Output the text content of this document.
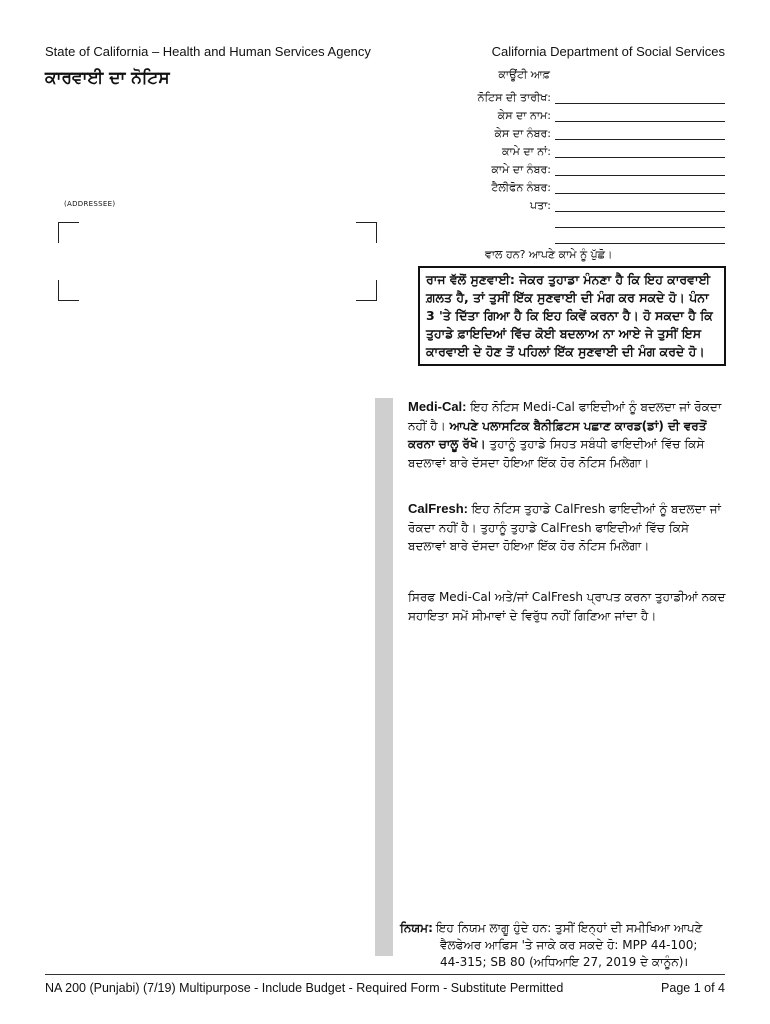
State of California – Health and Human Services Agency	California Department of Social Services
ਕਾਰਵਾਈ ਦਾ ਨੋਟਿਸ	ਕਾਊਂਟੀ ਆਫ਼
ਨੋਟਿਸ ਦੀ ਤਾਰੀਖ:
ਕੇਸ ਦਾ ਨਾਮ:
ਕੇਸ ਦਾ ਨੰਬਰ:
ਕਾਮੇ ਦਾ ਨਾਂ:
ਕਾਮੇ ਦਾ ਨੰਬਰ:
ਟੈਲੀਫੋਨ ਨੰਬਰ:
ਪਤਾ:
(ADDRESSEE)
ਵਾਲ ਹਨ? ਆਪਣੇ ਕਾਮੇ ਨੂੰ ਪੁੱਛੋ।
ਰਾਜ ਵੱਲੋਂ ਸੁਣਵਾਈ: ਜੇਕਰ ਤੁਹਾਡਾ ਮੰਨਣਾ ਹੈ ਕਿ ਇਹ ਕਾਰਵਾਈ ਗ਼ਲਤ ਹੈ, ਤਾਂ ਤੁਸੀਂ ਇੱਕ ਸੁਣਵਾਈ ਦੀ ਮੰਗ ਕਰ ਸਕਦੇ ਹੋ। ਪੰਨਾ 3 'ਤੇ ਦਿੱਤਾ ਗਿਆ ਹੈ ਕਿ ਇਹ ਕਿਵੇਂ ਕਰਨਾ ਹੈ। ਹੋ ਸਕਦਾ ਹੈ ਕਿ ਤੁਹਾਡੇ ਫ਼ਾਇਦਿਆਂ ਵਿੱਚ ਕੋਈ ਬਦਲਾਅ ਨਾ ਆਏ ਜੇ ਤੁਸੀਂ ਇਸ ਕਾਰਵਾਈ ਦੇ ਹੋਣ ਤੋਂ ਪਹਿਲਾਂ ਇੱਕ ਸੁਣਵਾਈ ਦੀ ਮੰਗ ਕਰਦੇ ਹੋ।
Medi-Cal: ਇਹ ਨੋਟਿਸ Medi-Cal ਫਾਇਦੀਆਂ ਨੂੰ ਬਦਲਦਾ ਜਾਂ ਰੋਕਦਾ ਨਹੀਂ ਹੈ। ਆਪਣੇ ਪਲਾਸਟਿਕ ਬੈਨੀਫ਼ਿਟਸ ਪਛਾਣ ਕਾਰਡ(ਡਾਂ) ਦੀ ਵਰਤੋਂ ਕਰਨਾ ਚਾਲੂ ਰੱਖੋ। ਤੁਹਾਨੂੰ ਤੁਹਾਡੇ ਸਿਹਤ ਸਬੰਧੀ ਫਾਇਦੀਆਂ ਵਿੱਚ ਕਿਸੇ ਬਦਲਾਵਾਂ ਬਾਰੇ ਦੱਸਦਾ ਹੋਇਆ ਇੱਕ ਹੋਰ ਨੋਟਿਸ ਮਿਲੇਗਾ।
CalFresh: ਇਹ ਨੋਟਿਸ ਤੁਹਾਡੇ CalFresh ਫਾਇਦੀਆਂ ਨੂੰ ਬਦਲਦਾ ਜਾਂ ਰੋਕਦਾ ਨਹੀਂ ਹੈ। ਤੁਹਾਨੂੰ ਤੁਹਾਡੇ CalFresh ਫਾਇਦੀਆਂ ਵਿੱਚ ਕਿਸੇ ਬਦਲਾਵਾਂ ਬਾਰੇ ਦੱਸਦਾ ਹੋਇਆ ਇੱਕ ਹੋਰ ਨੋਟਿਸ ਮਿਲੇਗਾ।
ਸਿਰਫ Medi-Cal ਅਤੇ/ਜਾਂ CalFresh ਪ੍ਰਾਪਤ ਕਰਨਾ ਤੁਹਾਡੀਆਂ ਨਕਦ ਸਹਾਇਤਾ ਸਮੇਂ ਸੀਮਾਵਾਂ ਦੇ ਵਿਰੁੱਧ ਨਹੀਂ ਗਿਣਿਆ ਜਾਂਦਾ ਹੈ।
ਨਿਯਮ: ਇਹ ਨਿਯਮ ਲਾਗੂ ਹੁੰਦੇ ਹਨ: ਤੁਸੀਂ ਇਨ੍ਹਾਂ ਦੀ ਸਮੀਖਿਆ ਆਪਣੇ
ਵੈਲਫੇਅਰ ਆਫਿਸ 'ਤੇ ਜਾਕੇ ਕਰ ਸਕਦੇ ਹੋ: MPP 44-100;
44-315; SB 80 (ਅਧਿਆਇ 27, 2019 ਦੇ ਕਾਨੂੰਨ)।
NA 200 (Punjabi) (7/19) Multipurpose - Include Budget - Required Form - Substitute Permitted	Page 1 of 4
